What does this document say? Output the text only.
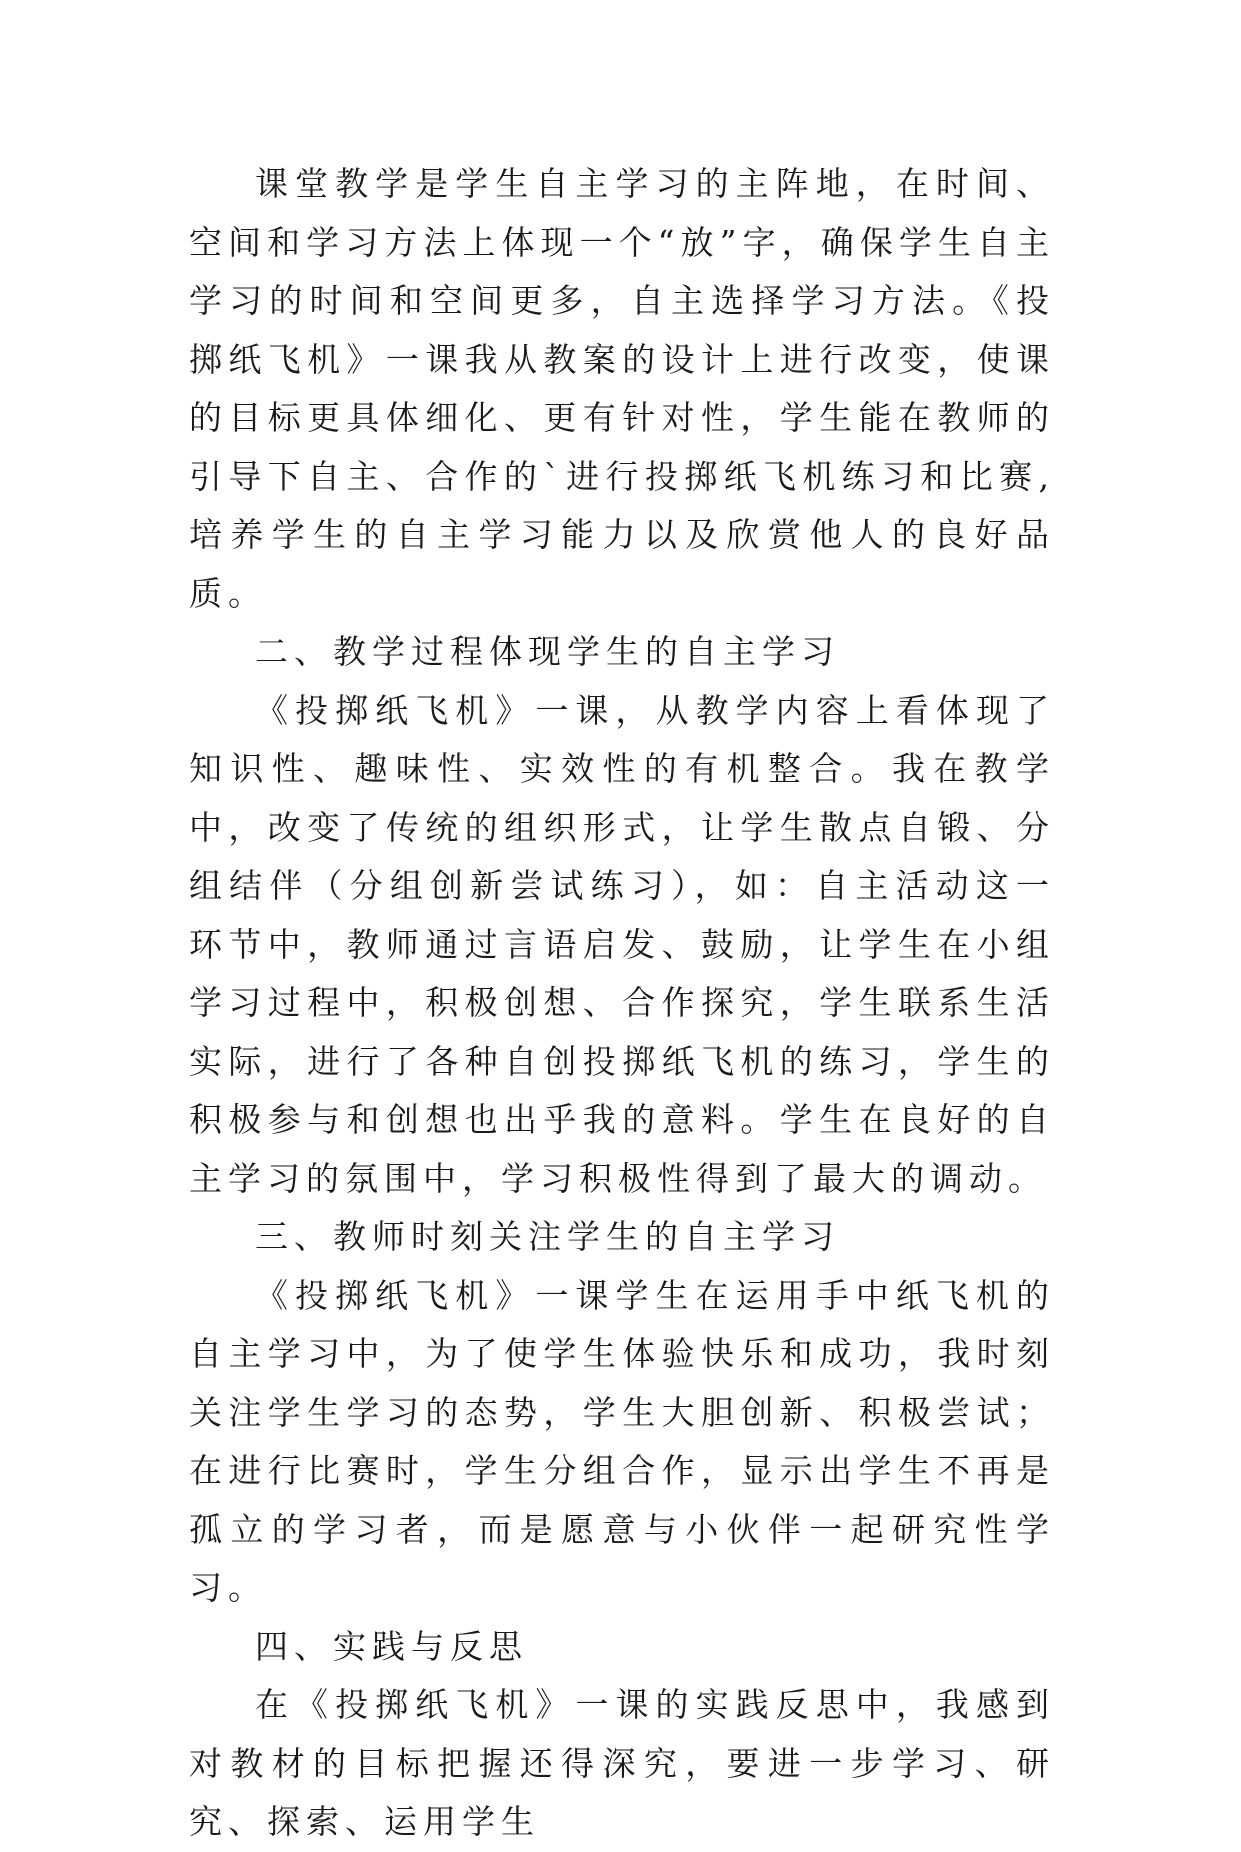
课堂教学是学生自主学习的主阵地，在时间、空间和学习方法上体现一个“放”字，确保学生自主学习的时间和空间更多，自主选择学习方法。《投掷纸飞机》一课我从教案的设计上进行改变，使课的目标更具体细化、更有针对性，学生能在教师的引导下自主、合作的`进行投掷纸飞机练习和比赛,培养学生的自主学习能力以及欣赏他人的良好品质。

二、教学过程体现学生的自主学习

《投掷纸飞机》一课，从教学内容上看体现了知识性、趣味性、实效性的有机整合。我在教学中，改变了传统的组织形式，让学生散点自锻、分组结伴（分组创新尝试练习），如：自主活动这一环节中，教师通过言语启发、鼓励，让学生在小组学习过程中，积极创想、合作探究，学生联系生活实际，进行了各种自创投掷纸飞机的练习，学生的积极参与和创想也出乎我的意料。学生在良好的自主学习的氛围中，学习积极性得到了最大的调动。

三、教师时刻关注学生的自主学习

《投掷纸飞机》一课学生在运用手中纸飞机的自主学习中，为了使学生体验快乐和成功，我时刻关注学生学习的态势，学生大胆创新、积极尝试；在进行比赛时，学生分组合作，显示出学生不再是孤立的学习者，而是愿意与小伙伴一起研究性学习。

四、实践与反思

在《投掷纸飞机》一课的实践反思中，我感到对教材的目标把握还得深究，要进一步学习、研究、探索、运用学生
